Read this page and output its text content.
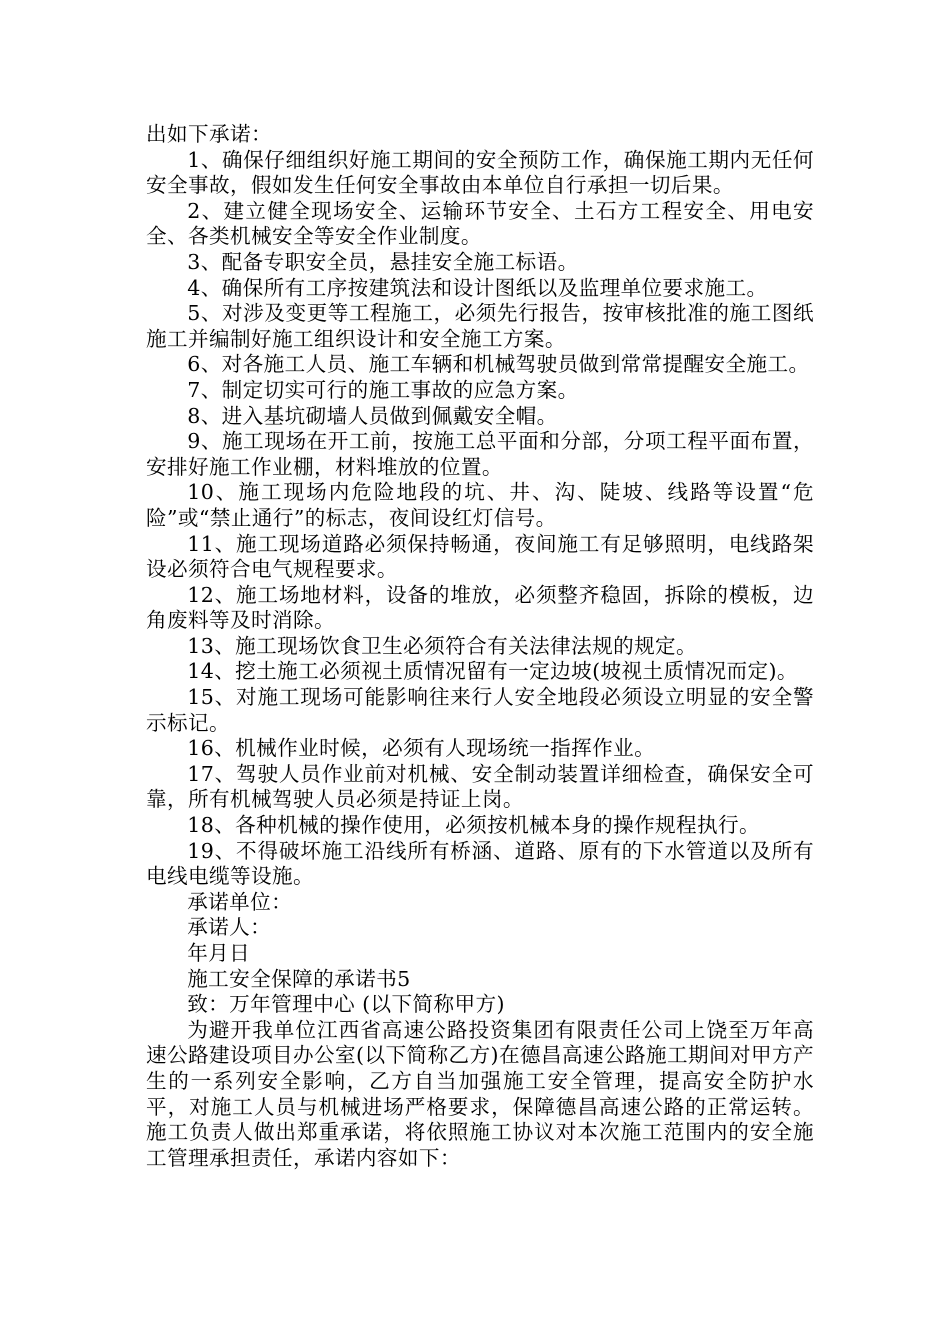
出如下承诺：

1、确保仔细组织好施工期间的安全预防工作，确保施工期内无任何安全事故，假如发生任何安全事故由本单位自行承担一切后果。

2、建立健全现场安全、运输环节安全、土石方工程安全、用电安全、各类机械安全等安全作业制度。

3、配备专职安全员，悬挂安全施工标语。

4、确保所有工序按建筑法和设计图纸以及监理单位要求施工。

5、对涉及变更等工程施工，必须先行报告，按审核批准的施工图纸施工并编制好施工组织设计和安全施工方案。

6、对各施工人员、施工车辆和机械驾驶员做到常常提醒安全施工。

7、制定切实可行的施工事故的应急方案。

8、进入基坑砌墙人员做到佩戴安全帽。

9、施工现场在开工前，按施工总平面和分部，分项工程平面布置，安排好施工作业棚，材料堆放的位置。

10、施工现场内危险地段的坑、井、沟、陡坡、线路等设置“危险”或“禁止通行”的标志，夜间设红灯信号。

11、施工现场道路必须保持畅通，夜间施工有足够照明，电线路架设必须符合电气规程要求。

12、施工场地材料，设备的堆放，必须整齐稳固，拆除的模板，边角废料等及时消除。

13、施工现场饮食卫生必须符合有关法律法规的规定。

14、挖土施工必须视土质情况留有一定边坡(坡视土质情况而定)。

15、对施工现场可能影响往来行人安全地段必须设立明显的安全警示标记。

16、机械作业时候，必须有人现场统一指挥作业。

17、驾驶人员作业前对机械、安全制动装置详细检查，确保安全可靠，所有机械驾驶人员必须是持证上岗。

18、各种机械的操作使用，必须按机械本身的操作规程执行。

19、不得破坏施工沿线所有桥涵、道路、原有的下水管道以及所有电线电缆等设施。

承诺单位：

承诺人：

年月日

施工安全保障的承诺书5

致：万年管理中心 (以下简称甲方)

为避开我单位江西省高速公路投资集团有限责任公司上饶至万年高速公路建设项目办公室(以下简称乙方)在德昌高速公路施工期间对甲方产生的一系列安全影响，乙方自当加强施工安全管理，提高安全防护水平，对施工人员与机械进场严格要求，保障德昌高速公路的正常运转。施工负责人做出郑重承诺，将依照施工协议对本次施工范围内的安全施工管理承担责任，承诺内容如下：
